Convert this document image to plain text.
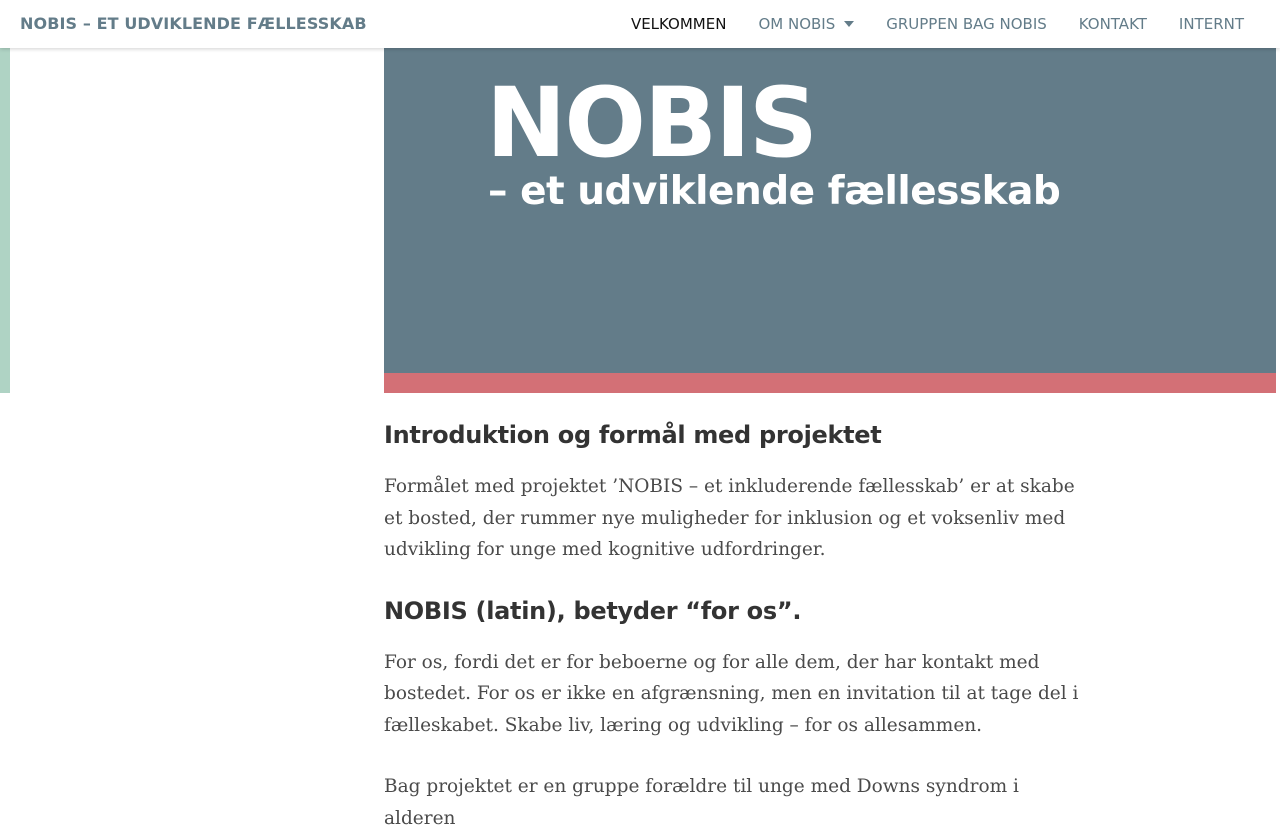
NOBIS – ET UDVIKLENDE FÆLLESSKAB	VELKOMMEN	OM NOBIS	GRUPPEN BAG NOBIS	KONTAKT	INTERNT
NOBIS
– et udviklende fællesskab
Introduktion og formål med projektet

Formålet med projektet ’NOBIS – et inkluderende fællesskab’ er at skabe et bosted, der rummer nye muligheder for inklusion og et voksenliv med udvikling for unge med kognitive udfordringer.

NOBIS (latin), betyder “for os”.

For os, fordi det er for beboerne og for alle dem, der har kontakt med bostedet. For os er ikke en afgrænsning, men en invitation til at tage del i fælleskabet. Skabe liv, læring og udvikling – for os allesammen.

Bag projektet er en gruppe forældre til unge med Downs syndrom i alderen
